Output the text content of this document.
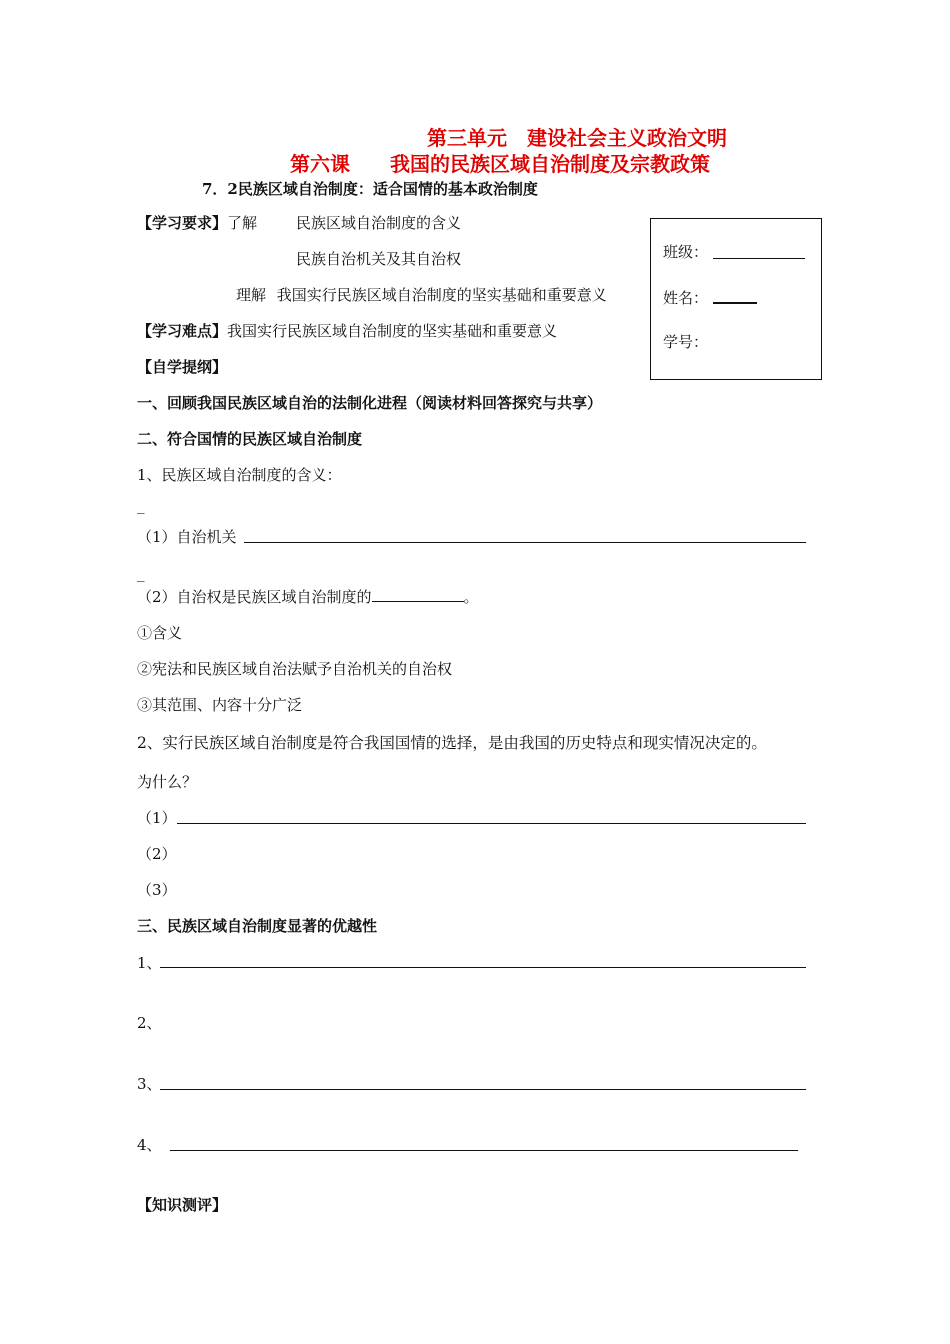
第三单元　建设社会主义政治文明
第六课　　我国的民族区域自治制度及宗教政策
7．2民族区域自治制度：适合国情的基本政治制度
班级：
姓名：
学号：
【学习要求】了解	民族区域自治制度的含义
民族自治机关及其自治权
理解 我国实行民族区域自治制度的坚实基础和重要意义
【学习难点】我国实行民族区域自治制度的坚实基础和重要意义
【自学提纲】
一、回顾我国民族区域自治的法制化进程（阅读材料回答探究与共享）
二、符合国情的民族区域自治制度
1、民族区域自治制度的含义：
_
（1）自治机关
_
（2）自治权是民族区域自治制度的	。
①含义
②宪法和民族区域自治法赋予自治机关的自治权
③其范围、内容十分广泛
2、实行民族区域自治制度是符合我国国情的选择，是由我国的历史特点和现实情况决定的。
为什么？
（1）
（2）
（3）
三、民族区域自治制度显著的优越性
1、
2、
3、
4、
【知识测评】
